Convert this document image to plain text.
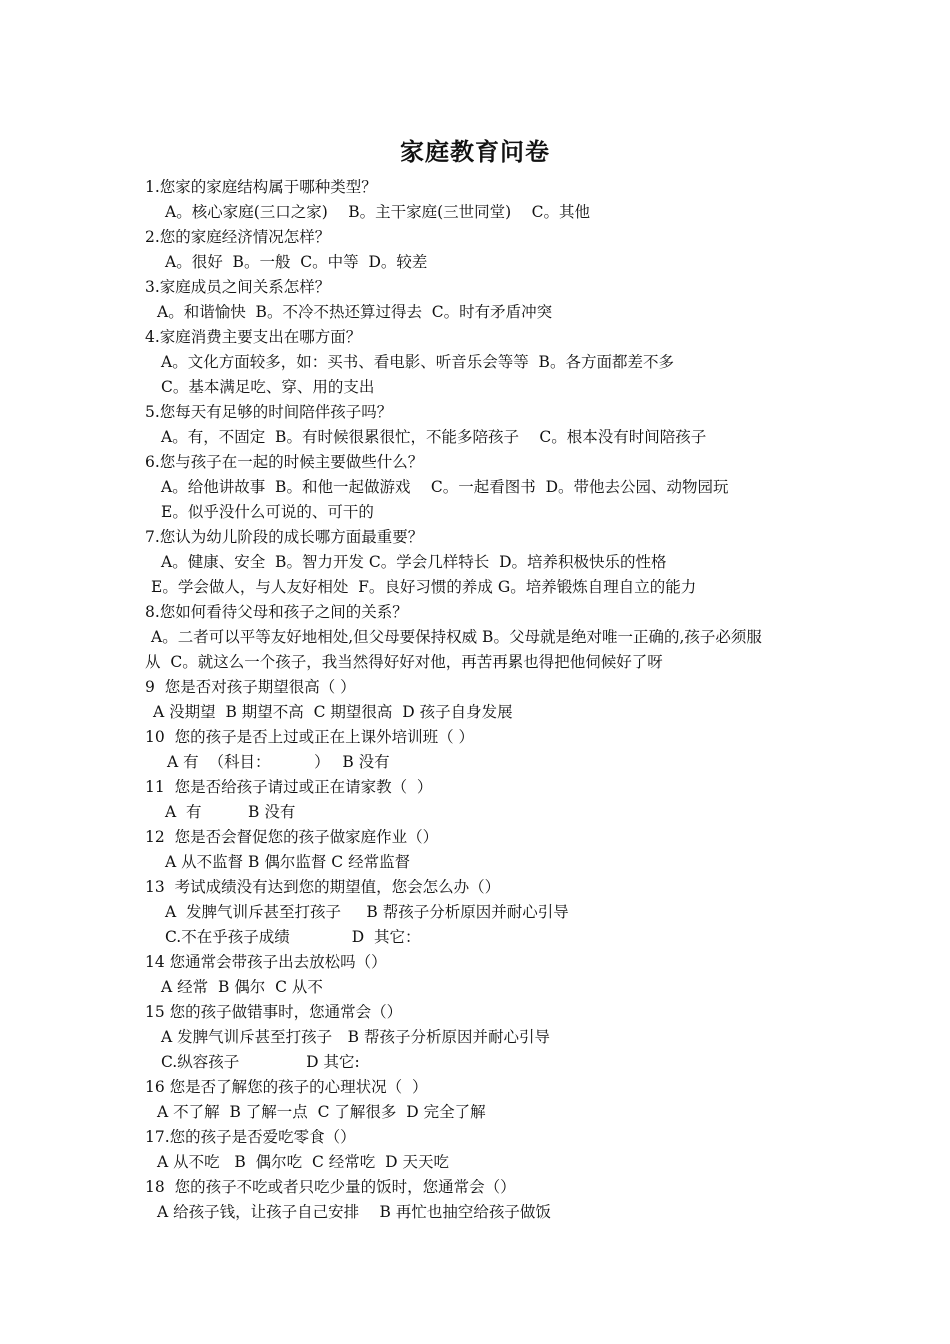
家庭教育问卷
1.您家的家庭结构属于哪种类型？
A。核心家庭(三口之家)　 B。主干家庭(三世同堂)　 C。其他
2.您的家庭经济情况怎样？
A。很好  B。一般  C。中等  D。较差
3.家庭成员之间关系怎样？
A。和谐愉快  B。不冷不热还算过得去  C。时有矛盾冲突
4.家庭消费主要支出在哪方面？
A。文化方面较多，如：买书、看电影、听音乐会等等  B。各方面都差不多
C。基本满足吃、穿、用的支出
5.您每天有足够的时间陪伴孩子吗？
A。有，不固定  B。有时候很累很忙，不能多陪孩子　 C。根本没有时间陪孩子
6.您与孩子在一起的时候主要做些什么？
A。给他讲故事  B。和他一起做游戏　 C。一起看图书  D。带他去公园、动物园玩
E。似乎没什么可说的、可干的
7.您认为幼儿阶段的成长哪方面最重要？
A。健康、安全  B。智力开发 C。学会几样特长  D。培养积极快乐的性格
E。学会做人，与人友好相处  F。良好习惯的养成 G。培养锻炼自理自立的能力
8.您如何看待父母和孩子之间的关系？
A。二者可以平等友好地相处,但父母要保持权威 B。父母就是绝对唯一正确的,孩子必须服
从  C。就这么一个孩子，我当然得好好对他，再苦再累也得把他伺候好了呀
9  您是否对孩子期望很高（ ）
A 没期望  B 期望不高  C 期望很高  D 孩子自身发展
10  您的孩子是否上过或正在上课外培训班（ ）
A 有  （科目：　　　 ）　 B 没有
11  您是否给孩子请过或正在请家教（  ）
A  有　　　B 没有
12  您是否会督促您的孩子做家庭作业（）
A 从不监督 B 偶尔监督 C 经常监督
13  考试成绩没有达到您的期望值，您会怎么办（）
A  发脾气训斥甚至打孩子　  B 帮孩子分析原因并耐心引导
C.不在乎孩子成绩　　　　D  其它：
14 您通常会带孩子出去放松吗（）
A 经常  B 偶尔  C 从不
15 您的孩子做错事时，您通常会（）
A 发脾气训斥甚至打孩子　B 帮孩子分析原因并耐心引导
C.纵容孩子　　　　 D 其它:
16 您是否了解您的孩子的心理状况（  ）
A 不了解  B 了解一点  C 了解很多  D 完全了解
17.您的孩子是否爱吃零食（）
A 从不吃   B  偶尔吃  C 经常吃  D 天天吃
18  您的孩子不吃或者只吃少量的饭时，您通常会（）
A 给孩子钱，让孩子自己安排　 B 再忙也抽空给孩子做饭
